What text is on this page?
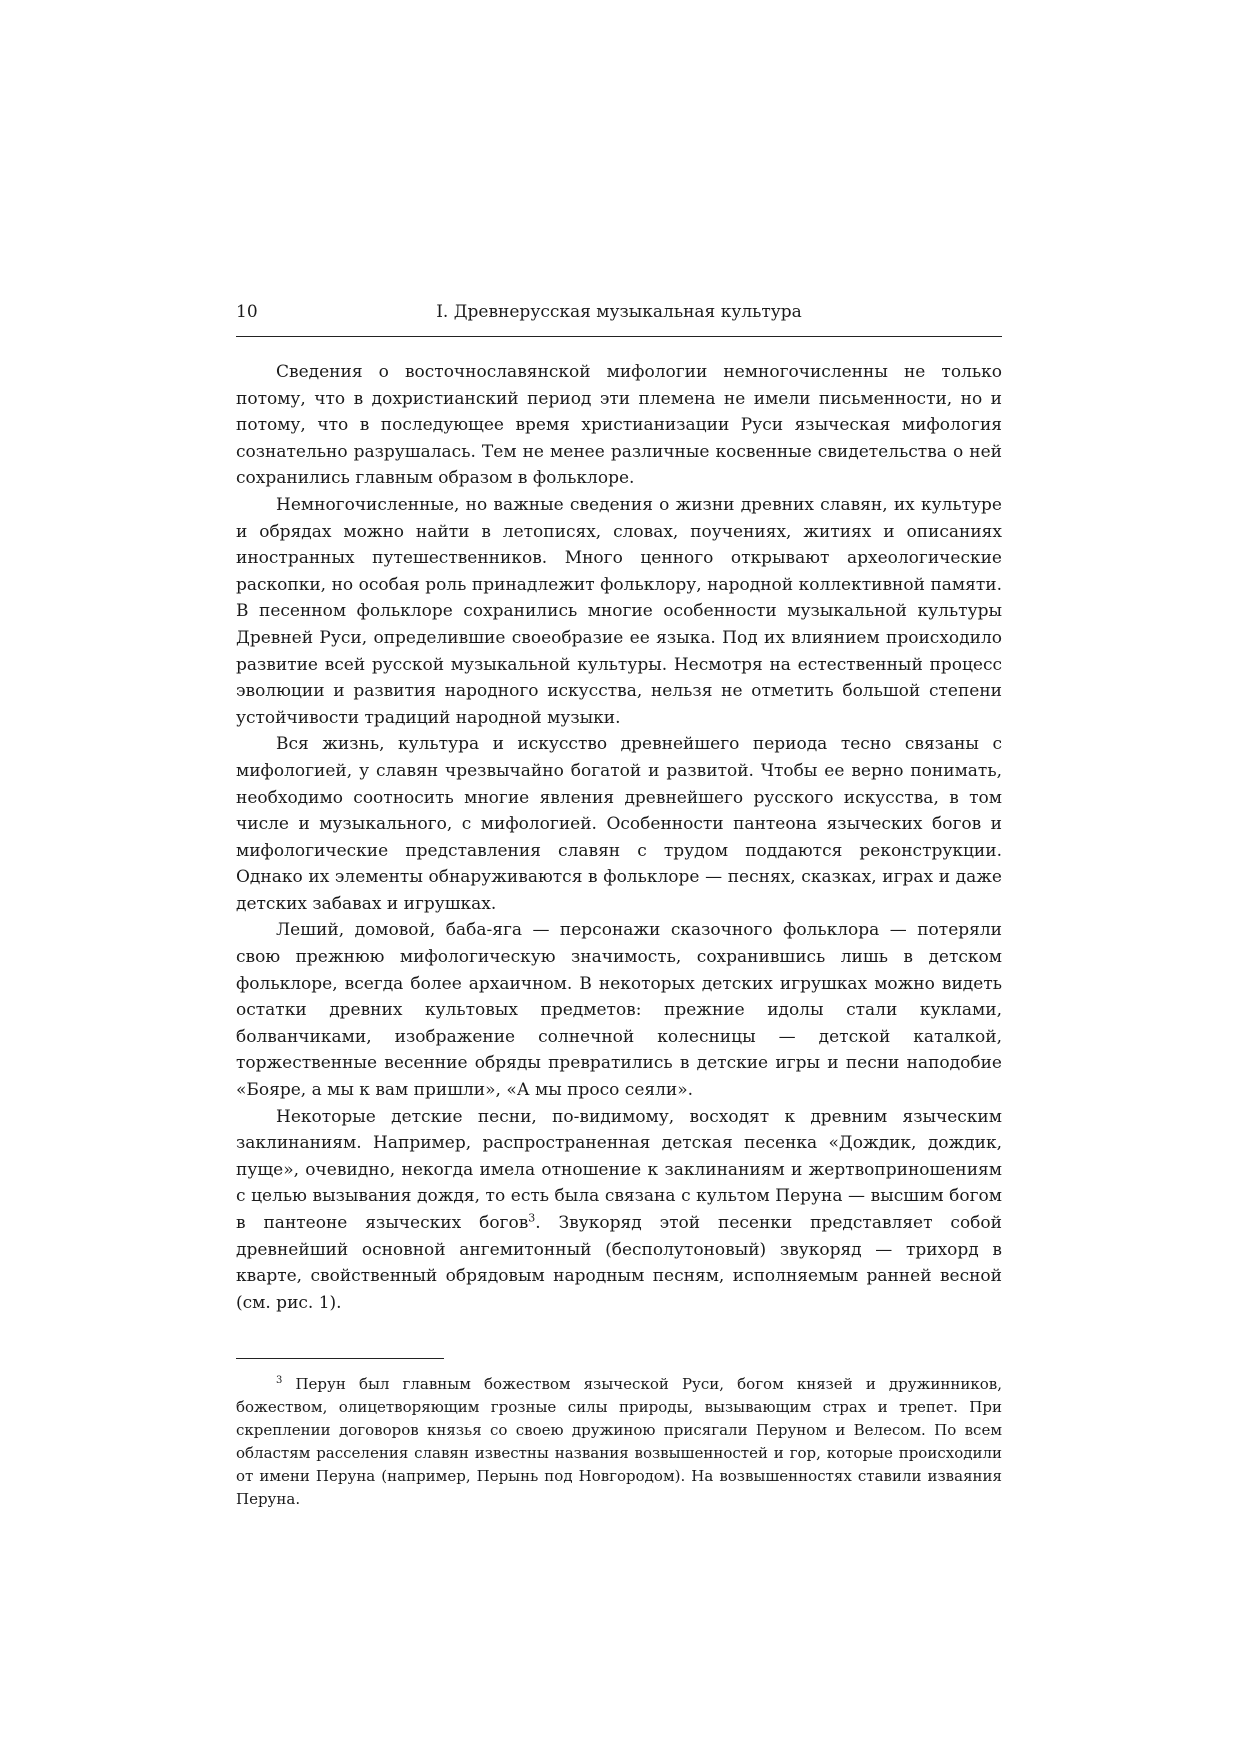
10	I. Древнерусская музыкальная культура

Сведения о восточнославянской мифологии немногочисленны не только потому, что в дохристианский период эти племена не имели письменности, но и потому, что в последующее время христианизации Руси языческая мифология сознательно разрушалась. Тем не менее различные косвенные свидетельства о ней сохранились главным образом в фольклоре.

Немногочисленные, но важные сведения о жизни древних славян, их культуре и обрядах можно найти в летописях, словах, поучениях, житиях и описаниях иностранных путешественников. Много ценного открывают археологические раскопки, но особая роль принадлежит фольклору, народной коллективной памяти. В песенном фольклоре сохранились многие особенности музыкальной культуры Древней Руси, определившие своеобразие ее языка. Под их влиянием происходило развитие всей русской музыкальной культуры. Несмотря на естественный процесс эволюции и развития народного искусства, нельзя не отметить большой степени устойчивости традиций народной музыки.

Вся жизнь, культура и искусство древнейшего периода тесно связаны с мифологией, у славян чрезвычайно богатой и развитой. Чтобы ее верно понимать, необходимо соотносить многие явления древнейшего русского искусства, в том числе и музыкального, с мифологией. Особенности пантеона языческих богов и мифологические представления славян с трудом поддаются реконструкции. Однако их элементы обнаруживаются в фольклоре — песнях, сказках, играх и даже детских забавах и игрушках.

Леший, домовой, баба-яга — персонажи сказочного фольклора — потеряли свою прежнюю мифологическую значимость, сохранившись лишь в детском фольклоре, всегда более архаичном. В некоторых детских игрушках можно видеть остатки древних культовых предметов: прежние идолы стали куклами, болванчиками, изображение солнечной колесницы — детской каталкой, торжественные весенние обряды превратились в детские игры и песни наподобие «Бояре, а мы к вам пришли», «А мы просо сеяли».

Некоторые детские песни, по-видимому, восходят к древним языческим заклинаниям. Например, распространенная детская песенка «Дождик, дождик, пуще», очевидно, некогда имела отношение к заклинаниям и жертвоприношениям с целью вызывания дождя, то есть была связана с культом Перуна — высшим богом в пантеоне языческих богов$^3$. Звукоряд этой песенки представляет собой древнейший основной ангемитонный (бесполутоновый) звукоряд — трихорд в кварте, свойственный обрядовым народным песням, исполняемым ранней весной (см. рис. 1).

$^3$ Перун был главным божеством языческой Руси, богом князей и дружинников, божеством, олицетворяющим грозные силы природы, вызывающим страх и трепет. При скреплении договоров князья со своею дружиною присягали Перуном и Велесом. По всем областям расселения славян известны названия возвышенностей и гор, которые происходили от имени Перуна (например, Перынь под Новгородом). На возвышенностях ставили изваяния Перуна.
